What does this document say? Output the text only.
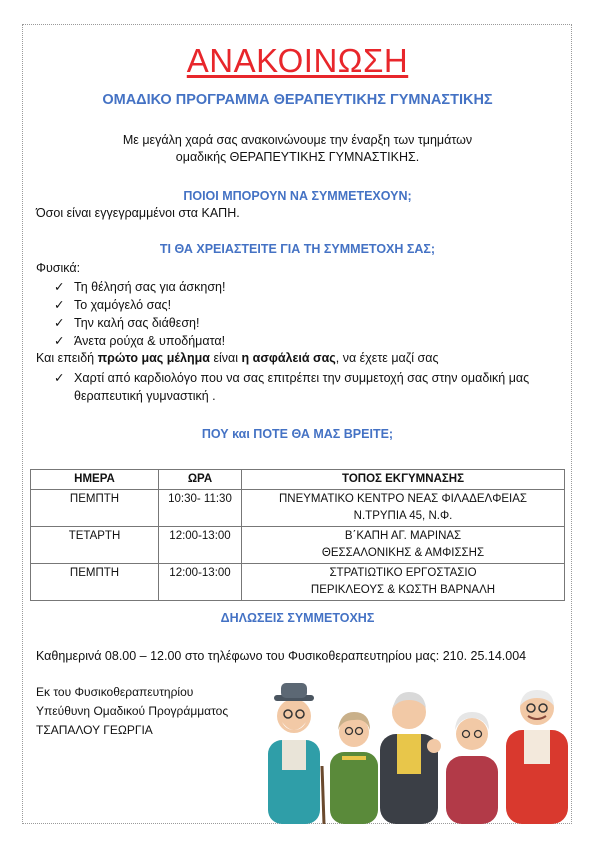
ΑΝΑΚΟΙΝΩΣΗ
ΟΜΑΔΙΚΟ ΠΡΟΓΡΑΜΜΑ ΘΕΡΑΠΕΥΤΙΚΗΣ ΓΥΜΝΑΣΤΙΚΗΣ
Με μεγάλη χαρά σας ανακοινώνουμε την έναρξη των τμημάτων
ομαδικής ΘΕΡΑΠΕΥΤΙΚΗΣ ΓΥΜΝΑΣΤΙΚΗΣ.
ΠΟΙΟΙ ΜΠΟΡΟΥΝ ΝΑ ΣΥΜΜΕΤΕΧΟΥΝ;
Όσοι είναι εγγεγραμμένοι στα ΚΑΠΗ.
ΤΙ ΘΑ ΧΡΕΙΑΣΤΕΙΤΕ ΓΙΑ ΤΗ ΣΥΜΜΕΤΟΧΗ ΣΑΣ;
Φυσικά:
✓ Τη θέλησή σας για άσκηση!
✓ Το χαμόγελό σας!
✓ Την καλή σας διάθεση!
✓ Άνετα ρούχα & υποδήματα!
Και επειδή πρώτο μας μέλημα είναι η ασφάλειά σας, να έχετε μαζί σας
✓ Χαρτί από καρδιολόγο που να σας επιτρέπει την συμμετοχή σας στην ομαδική μας
θεραπευτική γυμναστική .
ΠΟΥ και ΠΟΤΕ ΘΑ ΜΑΣ ΒΡΕΙΤΕ;
ΗΜΕΡΑ	ΩΡΑ	ΤΟΠΟΣ ΕΚΓΥΜΝΑΣΗΣ
ΠΕΜΠΤΗ	10:30- 11:30	ΠΝΕΥΜΑΤΙΚΟ ΚΕΝΤΡΟ ΝΕΑΣ ΦΙΛΑΔΕΛΦΕΙΑΣ
Ν.ΤΡΥΠΙΑ 45, Ν.Φ.

ΤΕΤΑΡΤΗ	12:00-13:00	Β΄ΚΑΠΗ ΑΓ. ΜΑΡΙΝΑΣ
ΘΕΣΣΑΛΟΝΙΚΗΣ & ΑΜΦΙΣΣΗΣ

ΠΕΜΠΤΗ	12:00-13:00	ΣΤΡΑΤΙΩΤΙΚΟ ΕΡΓΟΣΤΑΣΙΟ
ΠΕΡΙΚΛΕΟΥΣ & ΚΩΣΤΗ ΒΑΡΝΑΛΗ
ΔΗΛΩΣΕΙΣ ΣΥΜΜΕΤΟΧΗΣ
Καθημερινά 08.00 – 12.00 στο τηλέφωνο του Φυσικοθεραπευτηρίου μας: 210. 25.14.004
Εκ του Φυσικοθεραπευτηρίου
Υπεύθυνη Ομαδικού Προγράμματος
ΤΣΑΠΑΛΟΥ ΓΕΩΡΓΙΑ
